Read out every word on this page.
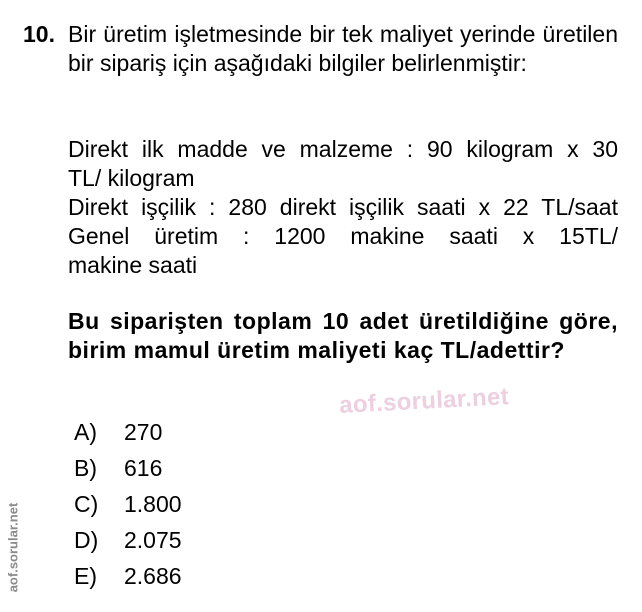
10. Bir üretim işletmesinde bir tek maliyet yerinde üretilen bir sipariş için aşağıdaki bilgiler belirlenmiştir:
Direkt ilk madde ve malzeme : 90 kilogram x 30
TL/ kilogram
Direkt işçilik : 280 direkt işçilik saati x 22 TL/saat
Genel üretim : 1200 makine saati x 15TL/
makine saati
Bu siparişten toplam 10 adet üretildiğine göre, birim mamul üretim maliyeti kaç TL/adettir?
aof.sorular.net
A)	270
B)	616
C)	1.800
D)	2.075
E)	2.686
aof.sorular.net
